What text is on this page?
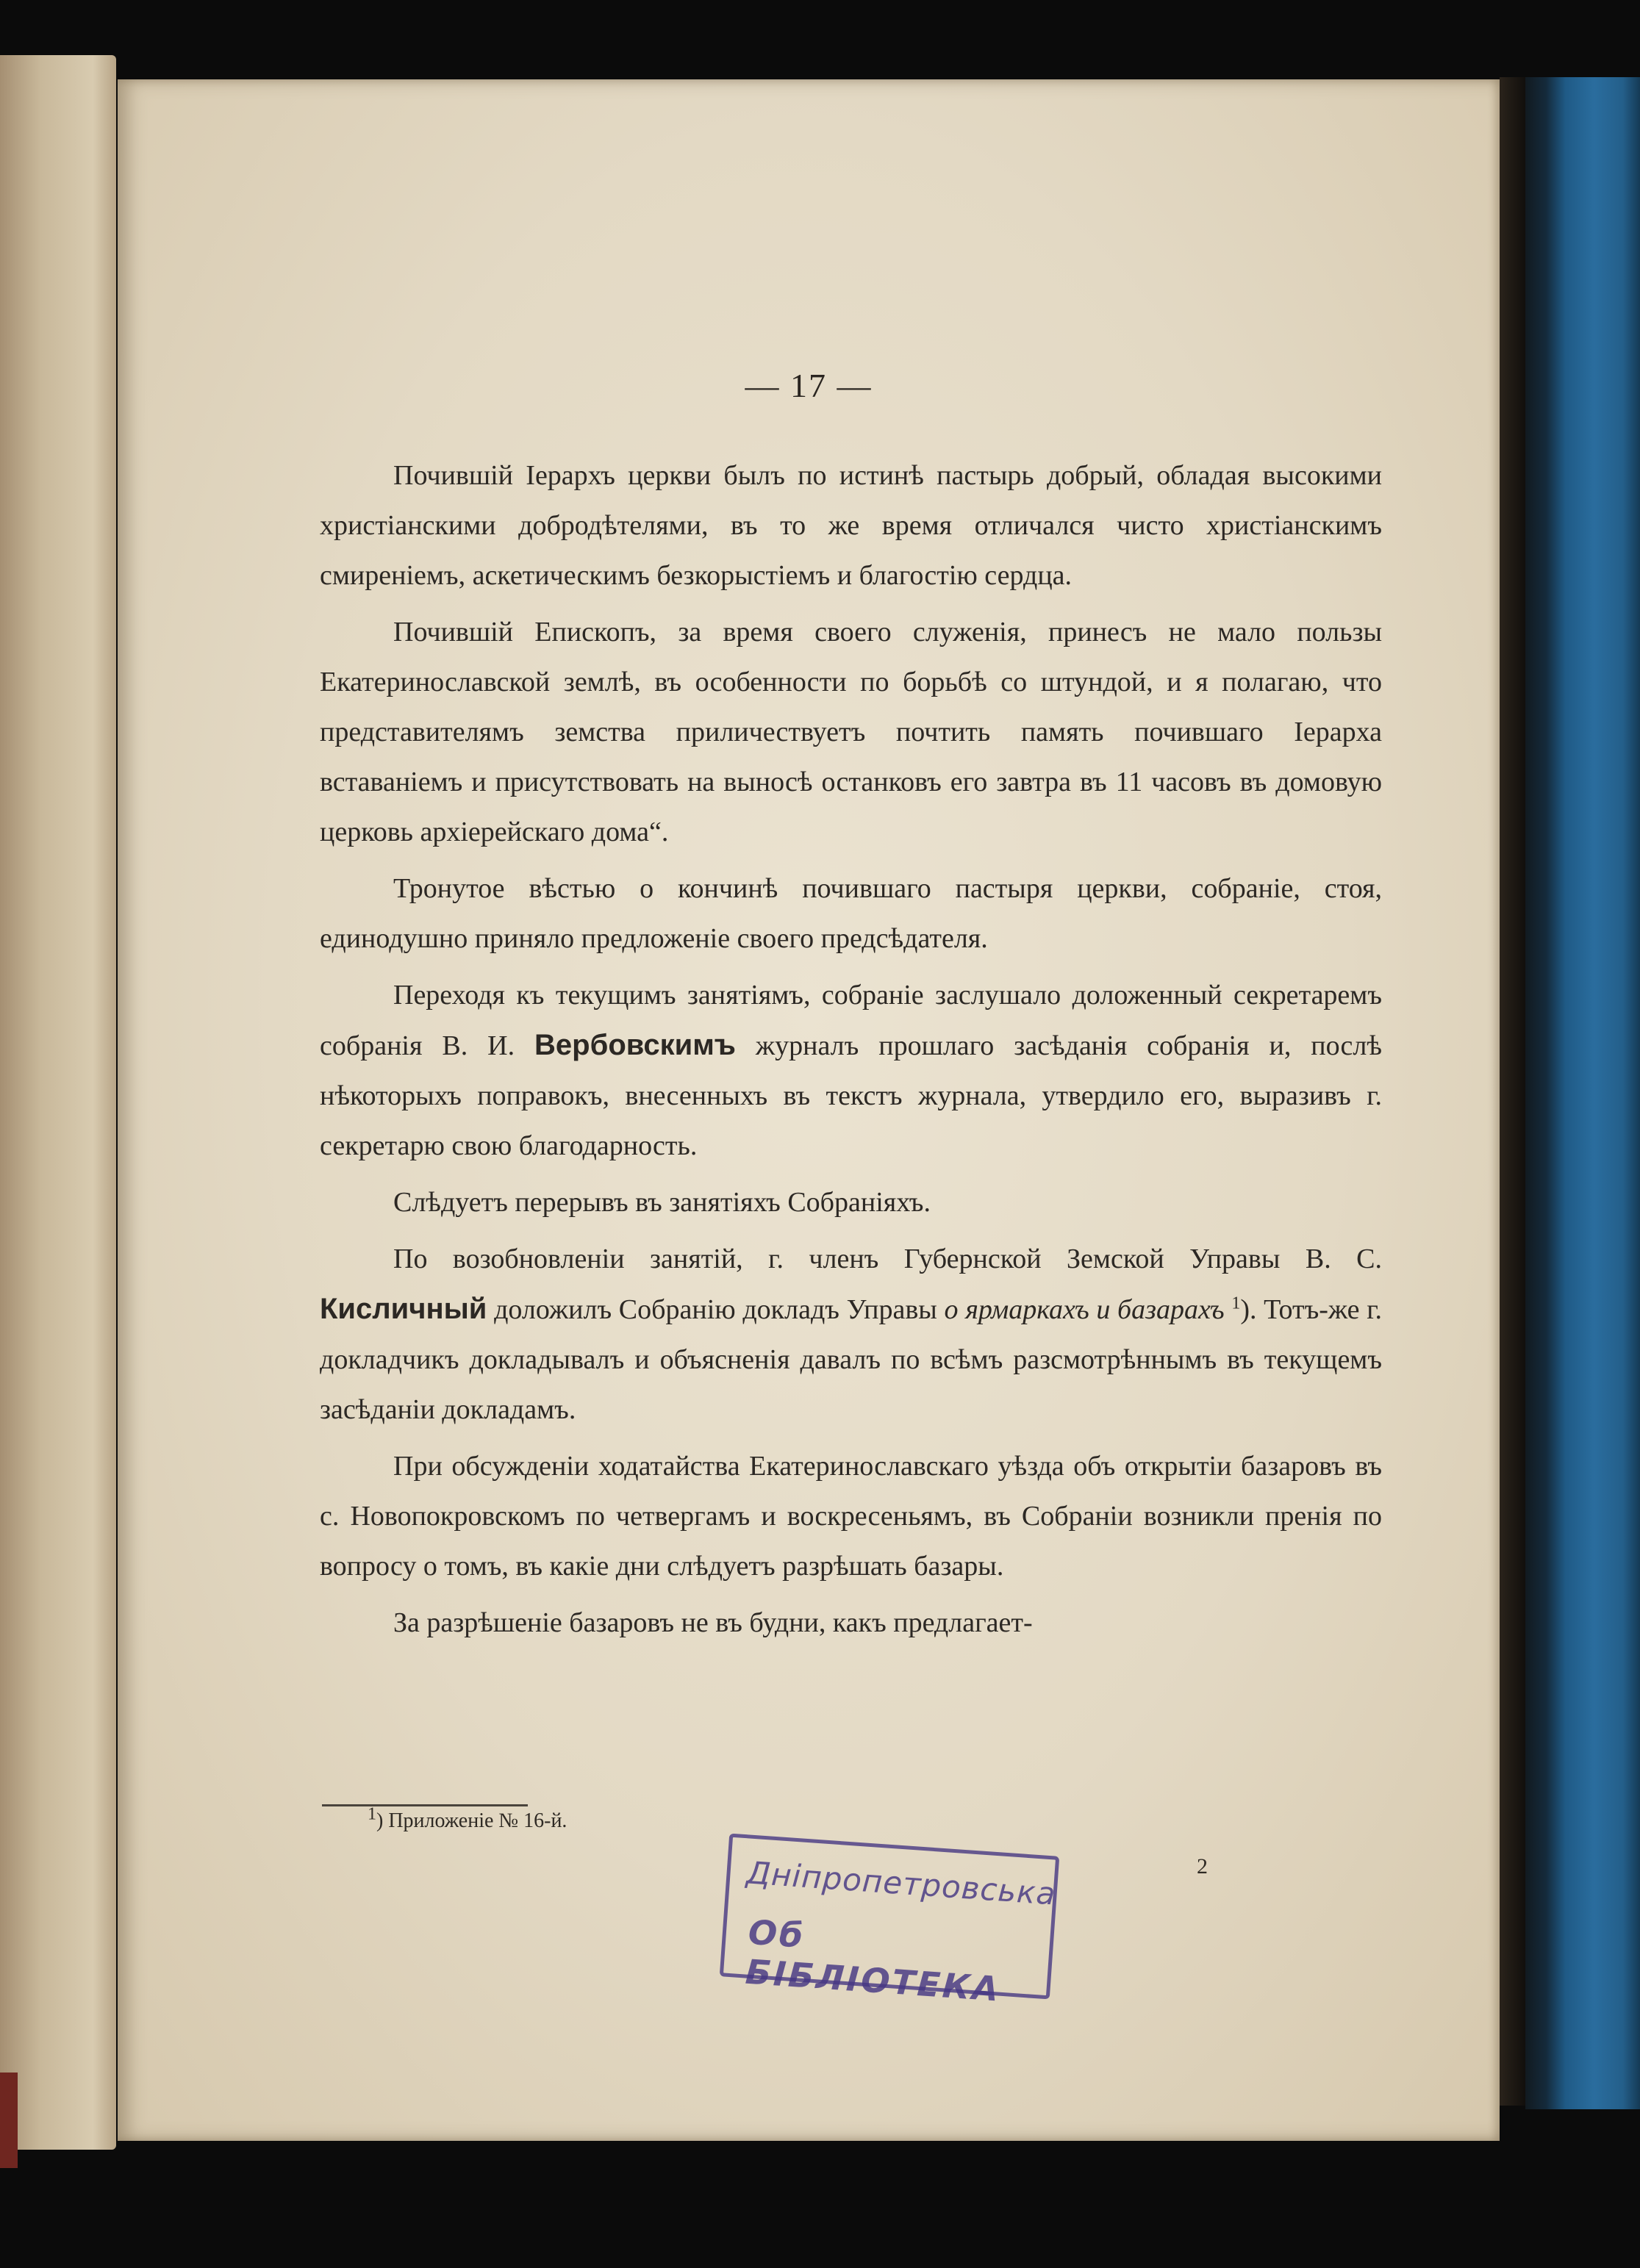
— 17 —

Почившій Іерархъ церкви былъ по истинѣ пастырь добрый, обладая высокими христіанскими добродѣтелями, въ то же время отличался чисто христіанскимъ смиреніемъ, аскетическимъ безкорыстіемъ и благостію сердца.

Почившій Епископъ, за время своего служенія, принесъ не мало пользы Екатеринославской землѣ, въ особенности по борьбѣ со штундой, и я полагаю, что представителямъ земства приличествуетъ почтить память почившаго Іерарха вставаніемъ и присутствовать на выносѣ останковъ его завтра въ 11 часовъ въ домовую церковь архіерейскаго дома“.

Тронутое вѣстью о кончинѣ почившаго пастыря церкви, собраніе, стоя, единодушно приняло предложеніе своего предсѣдателя.

Переходя къ текущимъ занятіямъ, собраніе заслушало доложенный секретаремъ собранія В. И. Вербовскимъ журналъ прошлаго засѣданія собранія и, послѣ нѣкоторыхъ поправокъ, внесенныхъ въ текстъ журнала, утвердило его, выразивъ г. секретарю свою благодарность.

Слѣдуетъ перерывъ въ занятіяхъ Собраніяхъ.

По возобновленіи занятій, г. членъ Губернской Земской Управы В. С. Кисличный доложилъ Собранію докладъ Управы о ярмаркахъ и базарахъ $^1$). Тотъ-же г. докладчикъ докладывалъ и объясненія давалъ по всѣмъ разсмотрѣннымъ въ текущемъ засѣданіи докладамъ.

При обсужденіи ходатайства Екатеринославскаго уѣзда объ открытіи базаровъ въ с. Новопокровскомъ по четвергамъ и воскресеньямъ, въ Собраніи возникли пренія по вопросу о томъ, въ какіе дни слѣдуетъ разрѣшать базары.

За разрѣшеніе базаровъ не въ будни, какъ предлагает-

1) Приложеніе № 16-й.
2
Дніпропетровська
Об БІБЛІОТЕКА
